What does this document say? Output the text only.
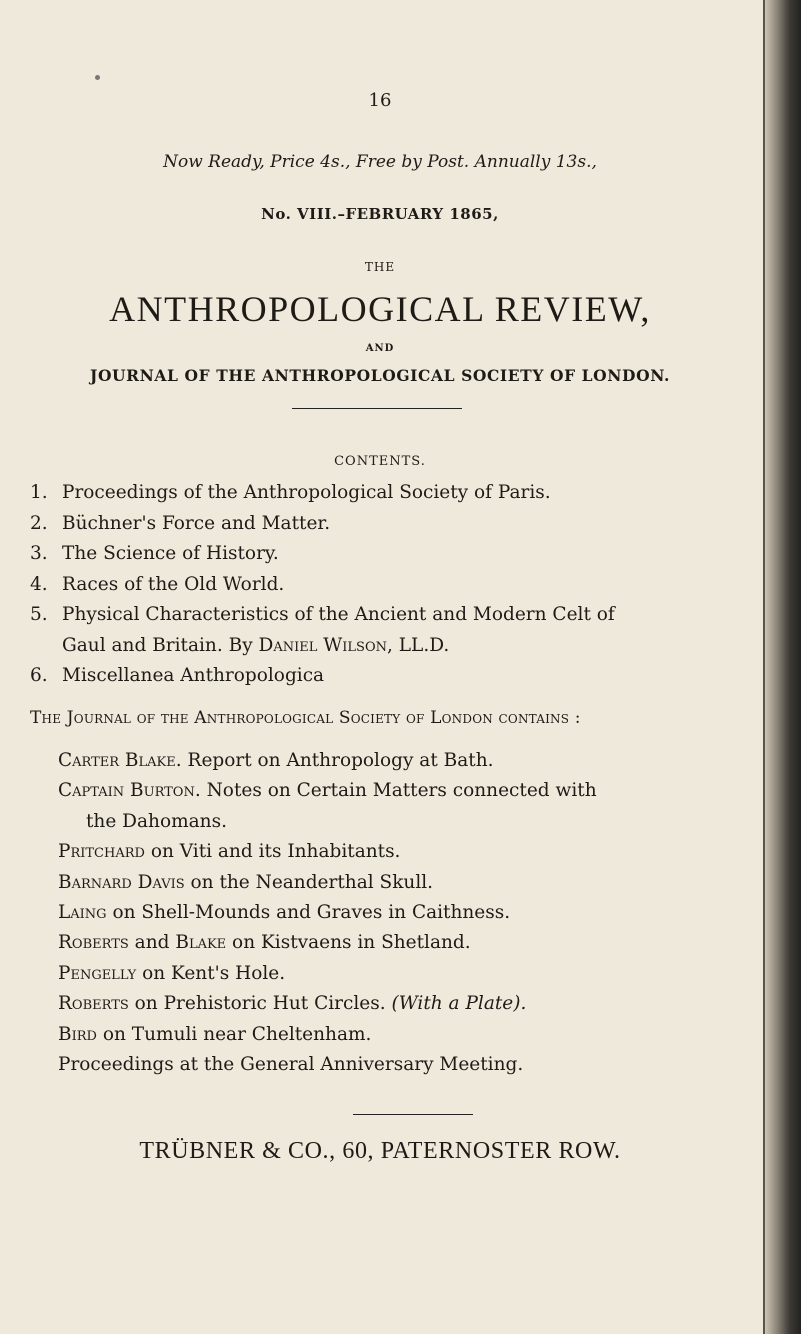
16
Now Ready, Price 4s., Free by Post. Annually 13s.,
No. VIII.–FEBRUARY 1865,
THE
ANTHROPOLOGICAL REVIEW,
AND
JOURNAL OF THE ANTHROPOLOGICAL SOCIETY OF LONDON.
CONTENTS.
1. Proceedings of the Anthropological Society of Paris.
2. Büchner's Force and Matter.
3. The Science of History.
4. Races of the Old World.
5. Physical Characteristics of the Ancient and Modern Celt of
Gaul and Britain. By Daniel Wilson, LL.D.
6. Miscellanea Anthropologica
The Journal of the Anthropological Society of London contains :
Carter Blake. Report on Anthropology at Bath.
Captain Burton. Notes on Certain Matters connected with
the Dahomans.
Pritchard on Viti and its Inhabitants.
Barnard Davis on the Neanderthal Skull.
Laing on Shell-Mounds and Graves in Caithness.
Roberts and Blake on Kistvaens in Shetland.
Pengelly on Kent's Hole.
Roberts on Prehistoric Hut Circles. (With a Plate).
Bird on Tumuli near Cheltenham.
Proceedings at the General Anniversary Meeting.
TRÜBNER & CO., 60, PATERNOSTER ROW.
